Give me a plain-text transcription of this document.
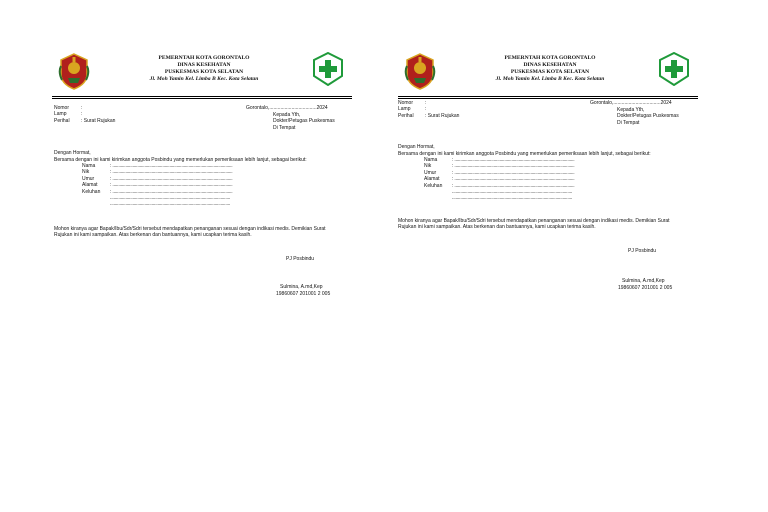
PEMERNTAH KOTA GORONTALO
DINAS KESEHATAN
PUSKESMAS KOTA SELATAN
Jl. Moh Yamin Kel. Limba B Kec. Kota Selatan
Nomor	:
Lamp	:
Perihal	: Surat Rujukan
Gorontalo,..................................2024
Kepada Yth,
Dokter/Petugas Puskesmas
Di Tempat
Dengan Hormat,
Bersama dengan ini kami kirimkan anggota Posbindu yang memerlukan pemeriksaan lebih lanjut, sebagai berikut:
Nama	: .....................................................................................................
Nik	: .....................................................................................................
Umur	: .....................................................................................................
Alamat	: .....................................................................................................
Keluhan	: .....................................................................................................
.....................................................................................................
.....................................................................................................
Mohon kiranya agar Bapak/Ibu/Sdr/Sdri tersebut mendapatkan penanganan sesuai dengan indikasi medis. Demikian Surat
Rujukan ini kami sampaikan. Atas berkenan dan bantuannya, kami ucapkan terima kasih.
PJ Posbindu
Sulmina, A.md,Kep
19860607 201001 2 005
PEMERNTAH KOTA GORONTALO
DINAS KESEHATAN
PUSKESMAS KOTA SELATAN
Jl. Moh Yamin Kel. Limba B Kec. Kota Selatan
Nomor	:
Lamp	:
Perihal	: Surat Rujukan
Gorontalo,..................................2024
Kepada Yth,
Dokter/Petugas Puskesmas
Di Tempat
Dengan Hormat,
Bersama dengan ini kami kirimkan anggota Posbindu yang memerlukan pemeriksaan lebih lanjut, sebagai berikut:
Nama	: .....................................................................................................
Nik	: .....................................................................................................
Umur	: .....................................................................................................
Alamat	: .....................................................................................................
Keluhan	: .....................................................................................................
.....................................................................................................
.....................................................................................................
Mohon kiranya agar Bapak/Ibu/Sdr/Sdri tersebut mendapatkan penanganan sesuai dengan indikasi medis. Demikian Surat
Rujukan ini kami sampaikan. Atas berkenan dan bantuannya, kami ucapkan terima kasih.
PJ Posbindu
Sulmina, A.md,Kep
19860607 201001 2 005
